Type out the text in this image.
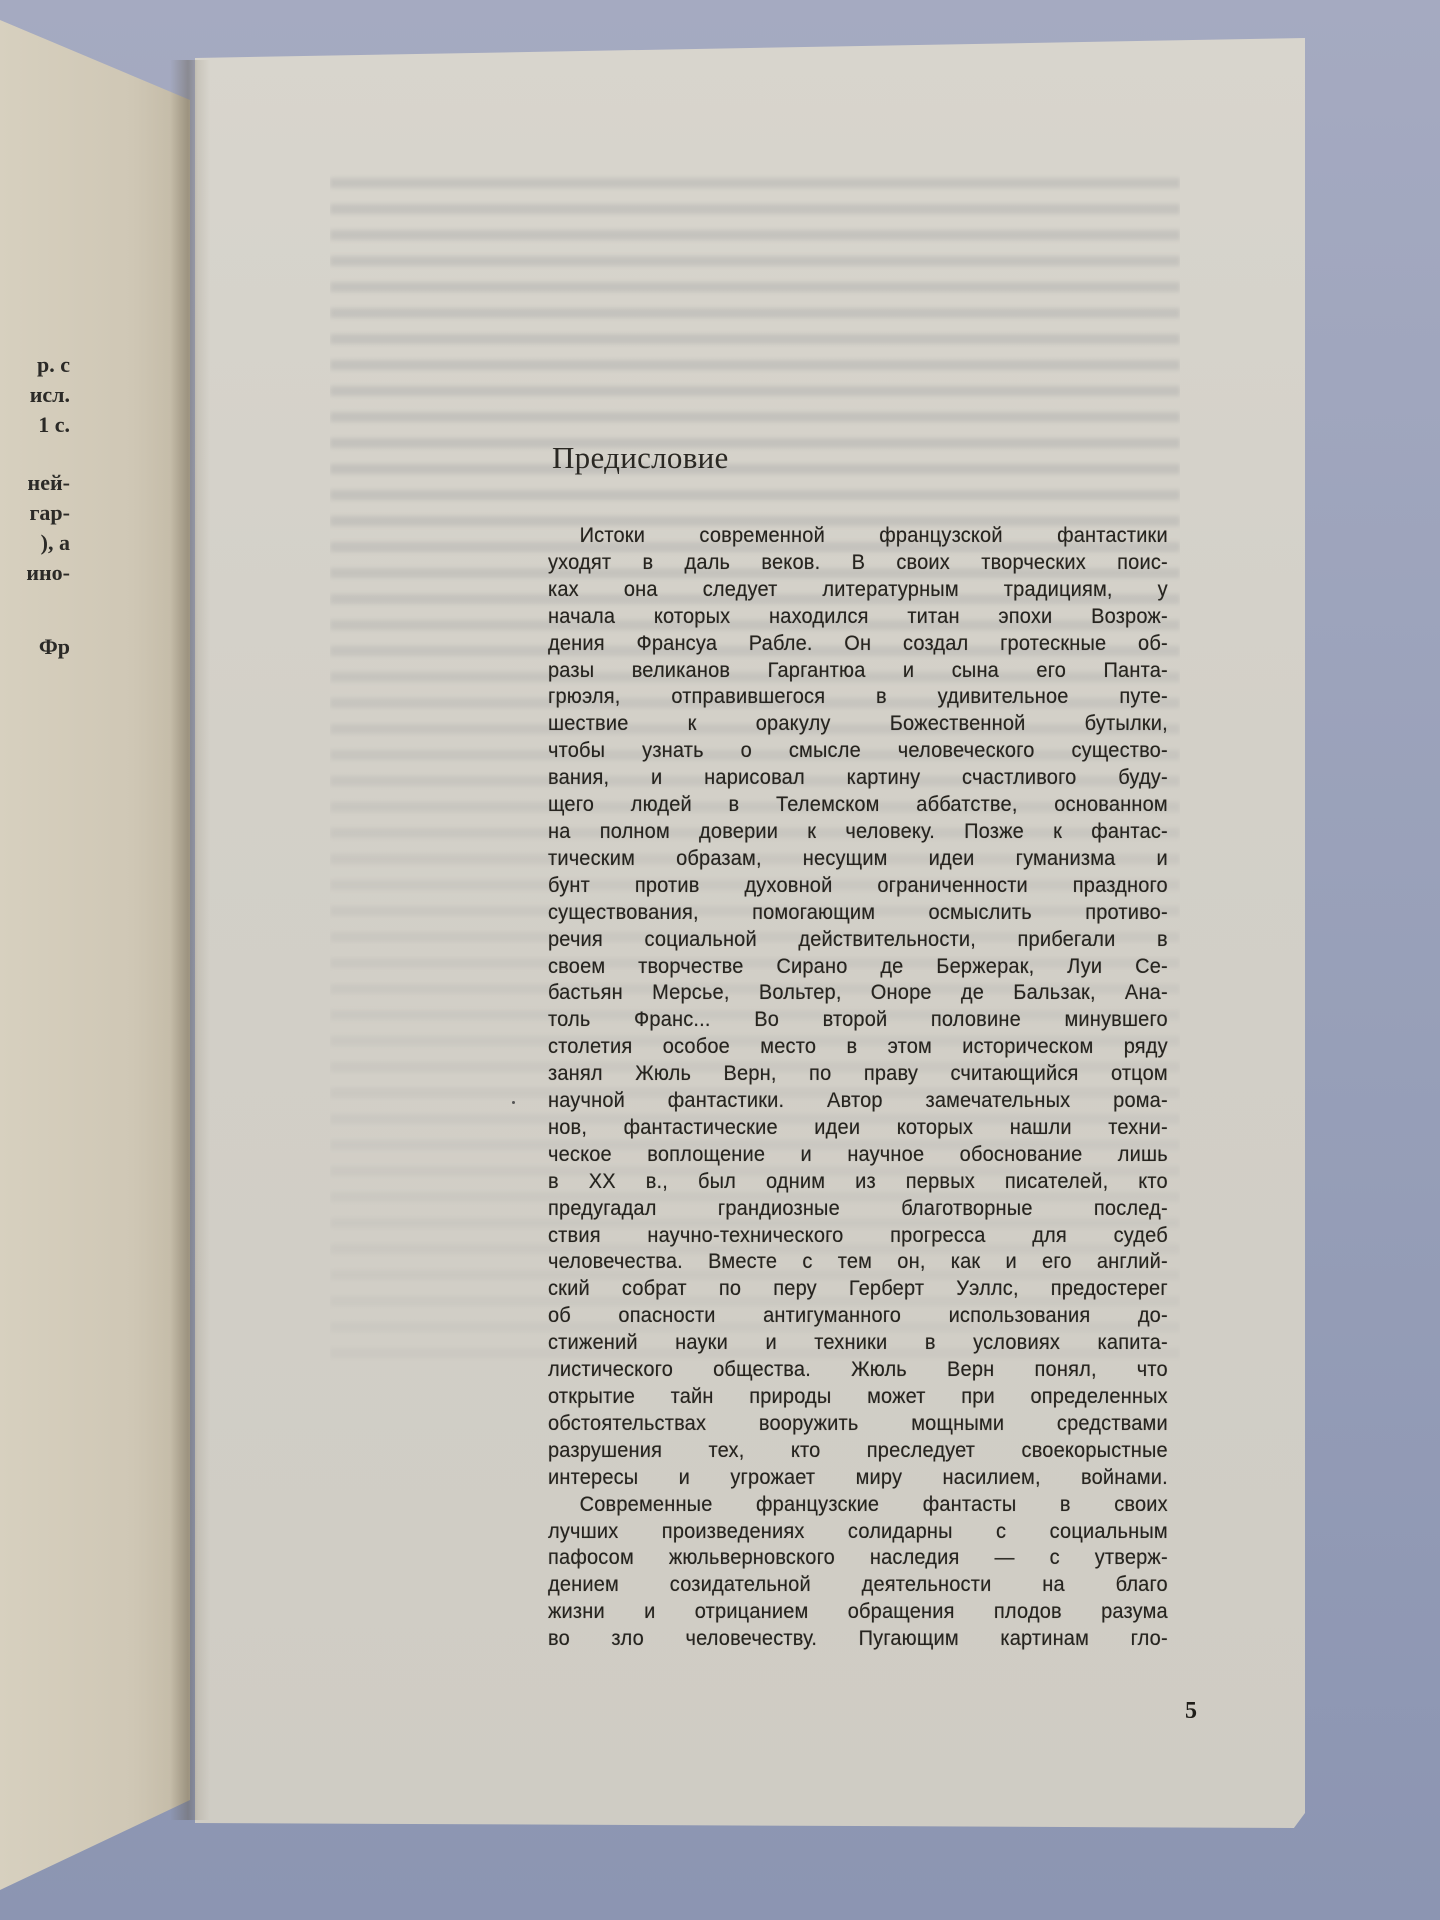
р. с
исл.
1 с.
ней-
гар-
), а
ино-
Фр
Предисловие
Истоки современной французской фантастики
уходят в даль веков. В своих творческих поис-
ках она следует литературным традициям, у
начала которых находился титан эпохи Возрож-
дения Франсуа Рабле. Он создал гротескные об-
разы великанов Гаргантюа и сына его Панта-
грюэля, отправившегося в удивительное путе-
шествие к оракулу Божественной бутылки,
чтобы узнать о смысле человеческого существо-
вания, и нарисовал картину счастливого буду-
щего людей в Телемском аббатстве, основанном
на полном доверии к человеку. Позже к фантас-
тическим образам, несущим идеи гуманизма и
бунт против духовной ограниченности праздного
существования, помогающим осмыслить противо-
речия социальной действительности, прибегали в
своем творчестве Сирано де Бержерак, Луи Се-
бастьян Мерсье, Вольтер, Оноре де Бальзак, Ана-
толь Франс... Во второй половине минувшего
столетия особое место в этом историческом ряду
занял Жюль Верн, по праву считающийся отцом
научной фантастики. Автор замечательных рома-
нов, фантастические идеи которых нашли техни-
ческое воплощение и научное обоснование лишь
в XX в., был одним из первых писателей, кто
предугадал грандиозные благотворные послед-
ствия научно-технического прогресса для судеб
человечества. Вместе с тем он, как и его англий-
ский собрат по перу Герберт Уэллс, предостерег
об опасности антигуманного использования до-
стижений науки и техники в условиях капита-
листического общества. Жюль Верн понял, что
открытие тайн природы может при определенных
обстоятельствах вооружить мощными средствами
разрушения тех, кто преследует своекорыстные
интересы и угрожает миру насилием, войнами.
Современные французские фантасты в своих
лучших произведениях солидарны с социальным
пафосом жюльверновского наследия — с утверж-
дением созидательной деятельности на благо
жизни и отрицанием обращения плодов разума
во зло человечеству. Пугающим картинам гло-
5
